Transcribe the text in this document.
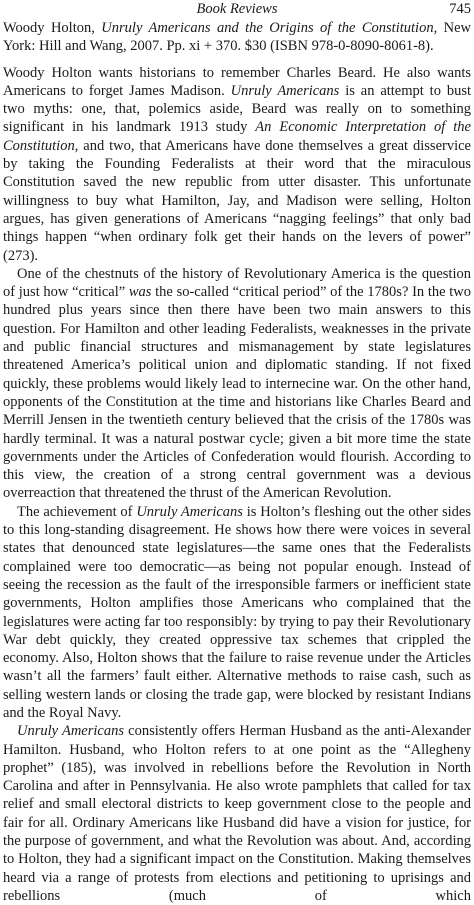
Book Reviews	745

Woody Holton, Unruly Americans and the Origins of the Constitution, New York: Hill and Wang, 2007. Pp. xi + 370. $30 (ISBN 978-0-8090-8061-8).

Woody Holton wants historians to remember Charles Beard. He also wants Americans to forget James Madison. Unruly Americans is an attempt to bust two myths: one, that, polemics aside, Beard was really on to something significant in his landmark 1913 study An Economic Interpretation of the Constitution, and two, that Americans have done themselves a great disservice by taking the Founding Federalists at their word that the miraculous Constitution saved the new republic from utter disaster. This unfortunate willingness to buy what Hamilton, Jay, and Madison were selling, Holton argues, has given generations of Americans “nagging feelings” that only bad things happen “when ordinary folk get their hands on the levers of power” (273).

One of the chestnuts of the history of Revolutionary America is the question of just how “critical” was the so-called “critical period” of the 1780s? In the two hundred plus years since then there have been two main answers to this question. For Hamilton and other leading Federalists, weaknesses in the private and public financial structures and mismanagement by state legislatures threatened America’s political union and diplomatic standing. If not fixed quickly, these problems would likely lead to internecine war. On the other hand, opponents of the Constitution at the time and historians like Charles Beard and Merrill Jensen in the twentieth century believed that the crisis of the 1780s was hardly terminal. It was a natural postwar cycle; given a bit more time the state governments under the Articles of Confederation would flourish. According to this view, the creation of a strong central government was a devious overreaction that threatened the thrust of the American Revolution.

The achievement of Unruly Americans is Holton’s fleshing out the other sides to this long-standing disagreement. He shows how there were voices in several states that denounced state legislatures—the same ones that the Federalists complained were too democratic—as being not popular enough. Instead of seeing the recession as the fault of the irresponsible farmers or inefficient state governments, Holton amplifies those Americans who complained that the legislatures were acting far too responsibly: by trying to pay their Revolutionary War debt quickly, they created oppressive tax schemes that crippled the economy. Also, Holton shows that the failure to raise revenue under the Articles wasn’t all the farmers’ fault either. Alternative methods to raise cash, such as selling western lands or closing the trade gap, were blocked by resistant Indians and the Royal Navy.

Unruly Americans consistently offers Herman Husband as the anti-Alexander Hamilton. Husband, who Holton refers to at one point as the “Allegheny prophet” (185), was involved in rebellions before the Revolution in North Carolina and after in Pennsylvania. He also wrote pamphlets that called for tax relief and small electoral districts to keep government close to the people and fair for all. Ordinary Americans like Husband did have a vision for justice, for the purpose of government, and what the Revolution was about. And, according to Holton, they had a significant impact on the Constitution. Making themselves heard via a range of protests from elections and petitioning to uprisings and rebellions (much of which
